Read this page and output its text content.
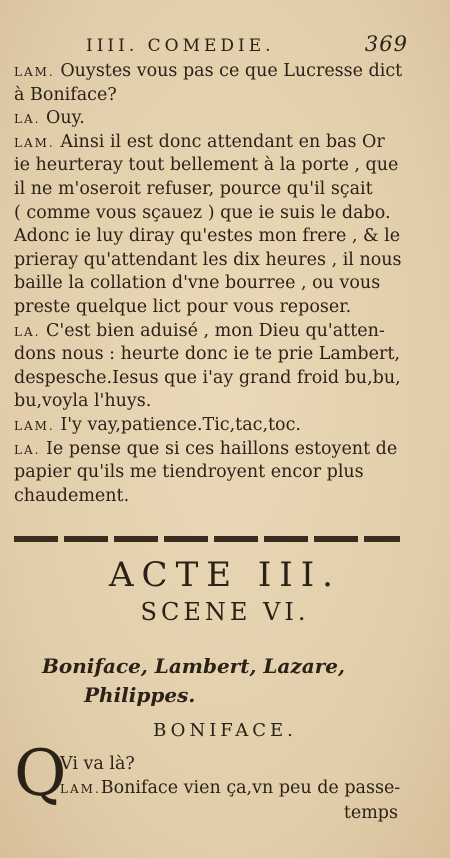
IIII. COMEDIE.	369
LAM. Ouystes vous pas ce que Lucresse dict
à Boniface?
LA. Ouy.
LAM. Ainsi il est donc attendant en bas Or
ie heurteray tout bellement à la porte , que
il ne m'oseroit refuser, pource qu'il sçait
( comme vous sçauez ) que ie suis le dabo.
Adonc ie luy diray qu'estes mon frere , & le
prieray qu'attendant les dix heures , il nous
baille la collation d'vne bourree , ou vous
preste quelque lict pour vous reposer.
LA. C'est bien aduisé , mon Dieu qu'atten-
dons nous : heurte donc ie te prie Lambert,
despesche.Iesus que i'ay grand froid bu,bu,
bu,voyla l'huys.
LAM. I'y vay,patience.Tic,tac,toc.
LA. Ie pense que si ces haillons estoyent de
papier qu'ils me tiendroyent encor plus
chaudement.
ACTE III.
SCENE VI.
Boniface, Lambert, Lazare,
Philippes.
BONIFACE.
Q
Vi va là?
LAM.Boniface vien ça,vn peu de passe-
temps
